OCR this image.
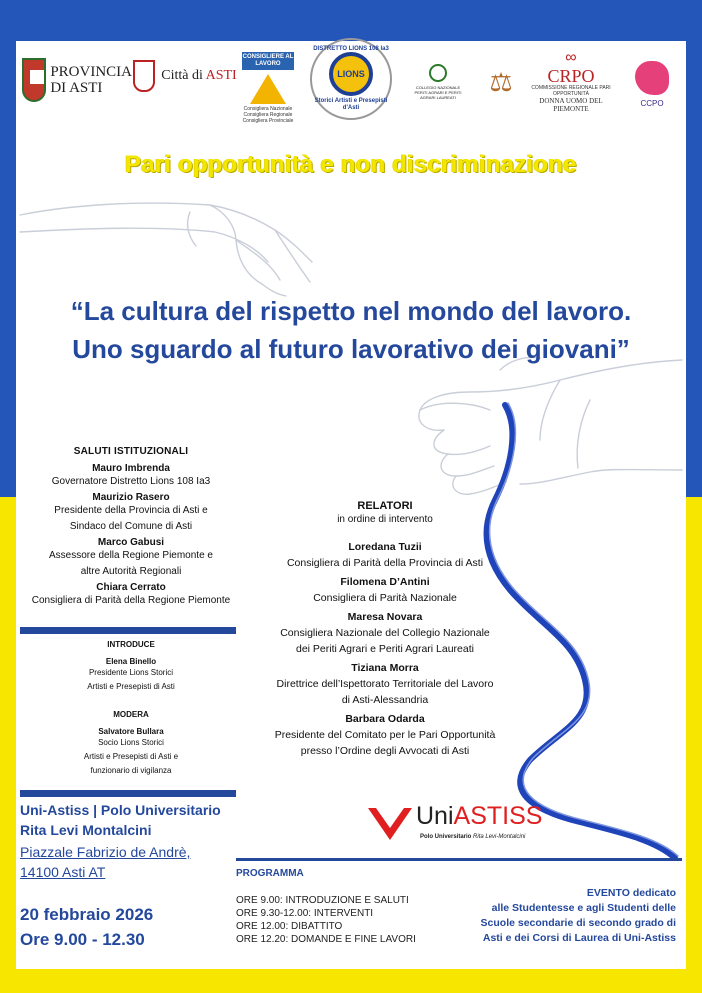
PROVINCIA
DI ASTI
Città di ASTI
CONSIGLIERE AL LAVORO
Consigliera Nazionale Consigliera Regionale Consigliera Provinciale
DISTRETTO LIONS 108 Ia3
LIONS
Storici Artisti e Presepisti d'Asti
COLLEGIO NAZIONALE PERITI AGRARI E PERITI AGRARI LAUREATI
⚖
∞
CRPO
COMMISSIONE REGIONALE PARI OPPORTUNITÀ
DONNA UOMO DEL PIEMONTE
CCPO
Pari opportunità e non discriminazione
“La cultura del rispetto nel mondo del lavoro.
Uno sguardo al futuro lavorativo dei giovani”
SALUTI ISTITUZIONALI
Mauro Imbrenda
Governatore Distretto Lions 108 Ia3
Maurizio Rasero
Presidente della Provincia di Asti e
Sindaco del Comune di Asti
Marco Gabusi
Assessore della Regione Piemonte e
altre Autorità Regionali
Chiara Cerrato
Consigliera di Parità della Regione Piemonte
INTRODUCE
Elena Binello
Presidente Lions Storici
Artisti e Presepisti di Asti
MODERA
Salvatore Bullara
Socio Lions Storici
Artisti e Presepisti di Asti e
funzionario di vigilanza
Uni-Astiss | Polo Universitario
Rita Levi Montalcini
Piazzale Fabrizio de Andrè,
14100 Asti AT
20 febbraio 2026
Ore 9.00 - 12.30
RELATORI
in ordine di intervento
Loredana Tuzii
Consigliera di Parità della Provincia di Asti
Filomena D’Antini
Consigliera di Parità Nazionale
Maresa Novara
Consigliera Nazionale del Collegio Nazionale
dei Periti Agrari e Periti Agrari Laureati
Tiziana Morra
Direttrice dell’Ispettorato Territoriale del Lavoro
di Asti-Alessandria
Barbara Odarda
Presidente del Comitato per le Pari Opportunità
presso l’Ordine degli Avvocati di Asti
UniASTISS
Polo Universitario Rita Levi-Montalcini
PROGRAMMA
ORE 9.00: INTRODUZIONE E SALUTI
ORE 9.30-12.00: INTERVENTI
ORE 12.00: DIBATTITO
ORE 12.20: DOMANDE E FINE LAVORI
EVENTO dedicato
alle Studentesse e agli Studenti delle
Scuole secondarie di secondo grado di
Asti e dei Corsi di Laurea di Uni-Astiss
